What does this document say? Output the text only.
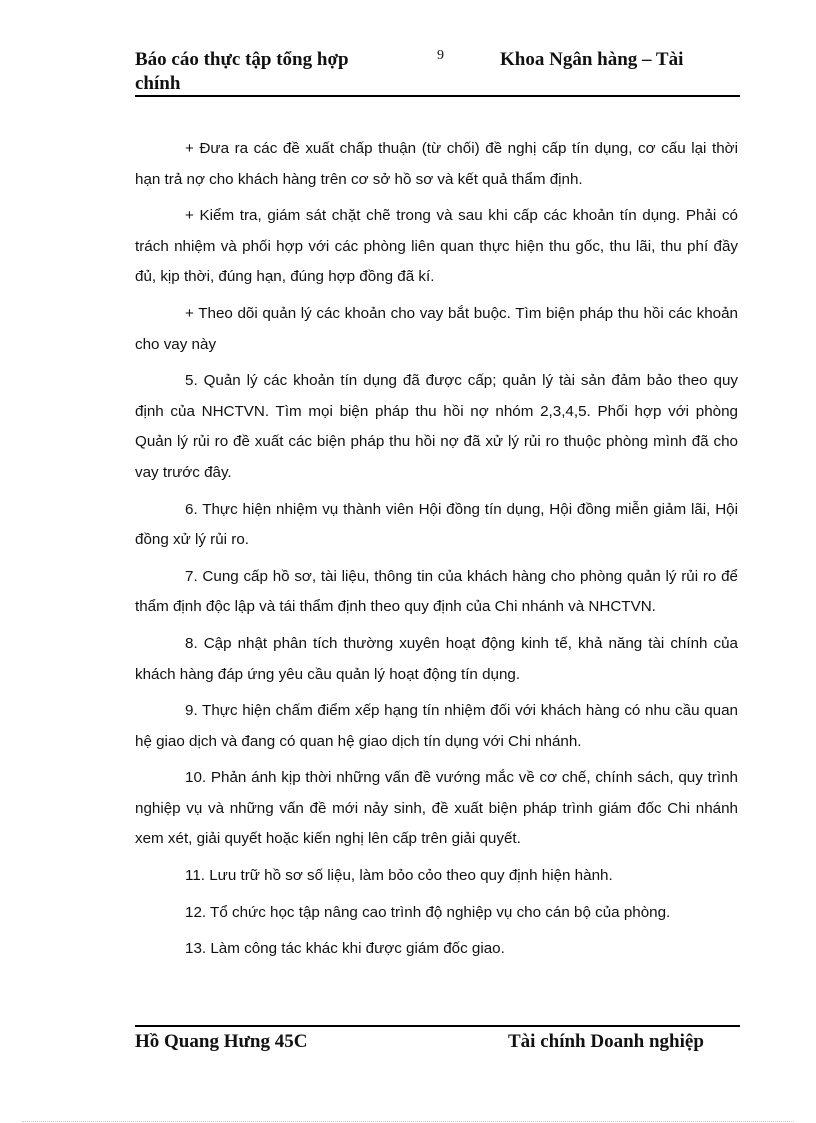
Báo cáo thực tập tổng hợp chính
9	Khoa Ngân hàng – Tài

+ Đưa ra các đề xuất chấp thuận (từ chối) đề nghị cấp tín dụng, cơ cấu lại thời hạn trả nợ cho khách hàng trên cơ sở hồ sơ và kết quả thẩm định.

+ Kiểm tra, giám sát chặt chẽ trong và sau khi cấp các khoản tín dụng. Phải có trách nhiệm và phối hợp với các phòng liên quan thực hiện thu gốc, thu lãi, thu phí đầy đủ, kịp thời, đúng hạn, đúng hợp đồng đã kí.

+ Theo dõi quản lý các khoản cho vay bắt buộc. Tìm biện pháp thu hồi các khoản cho vay này

5. Quản lý các khoản tín dụng đã được cấp; quản lý tài sản đảm bảo theo quy định của NHCTVN. Tìm mọi biện pháp thu hồi nợ nhóm 2,3,4,5. Phối hợp với phòng Quản lý rủi ro đề xuất các biện pháp thu hồi nợ đã xử lý rủi ro thuộc phòng mình đã cho vay trước đây.

6. Thực hiện nhiệm vụ thành viên Hội đồng tín dụng, Hội đồng miễn giảm lãi, Hội đồng xử lý rủi ro.

7. Cung cấp hồ sơ, tài liệu, thông tin của khách hàng cho phòng quản lý rủi ro để thẩm định độc lập và tái thẩm định theo quy định của Chi nhánh và NHCTVN.

8. Cập nhật phân tích thường xuyên hoạt động kinh tế, khả năng tài chính của khách hàng đáp ứng yêu cầu quản lý hoạt động tín dụng.

9. Thực hiện chấm điểm xếp hạng tín nhiệm đối với khách hàng có nhu cầu quan hệ giao dịch và đang có quan hệ giao dịch tín dụng với Chi nhánh.

10. Phản ánh kịp thời những vấn đề vướng mắc về cơ chế, chính sách, quy trình nghiệp vụ và những vấn đề mới nảy sinh, đề xuất biện pháp trình giám đốc Chi nhánh xem xét, giải quyết hoặc kiến nghị lên cấp trên giải quyết.

11. Lưu trữ hồ sơ số liệu, làm bỏo cỏo theo quy định hiện hành.

12. Tổ chức học tập nâng cao trình độ nghiệp vụ cho cán bộ của phòng.

13. Làm công tác khác khi được giám đốc giao.

Hồ Quang Hưng 45C	Tài chính Doanh nghiệp
